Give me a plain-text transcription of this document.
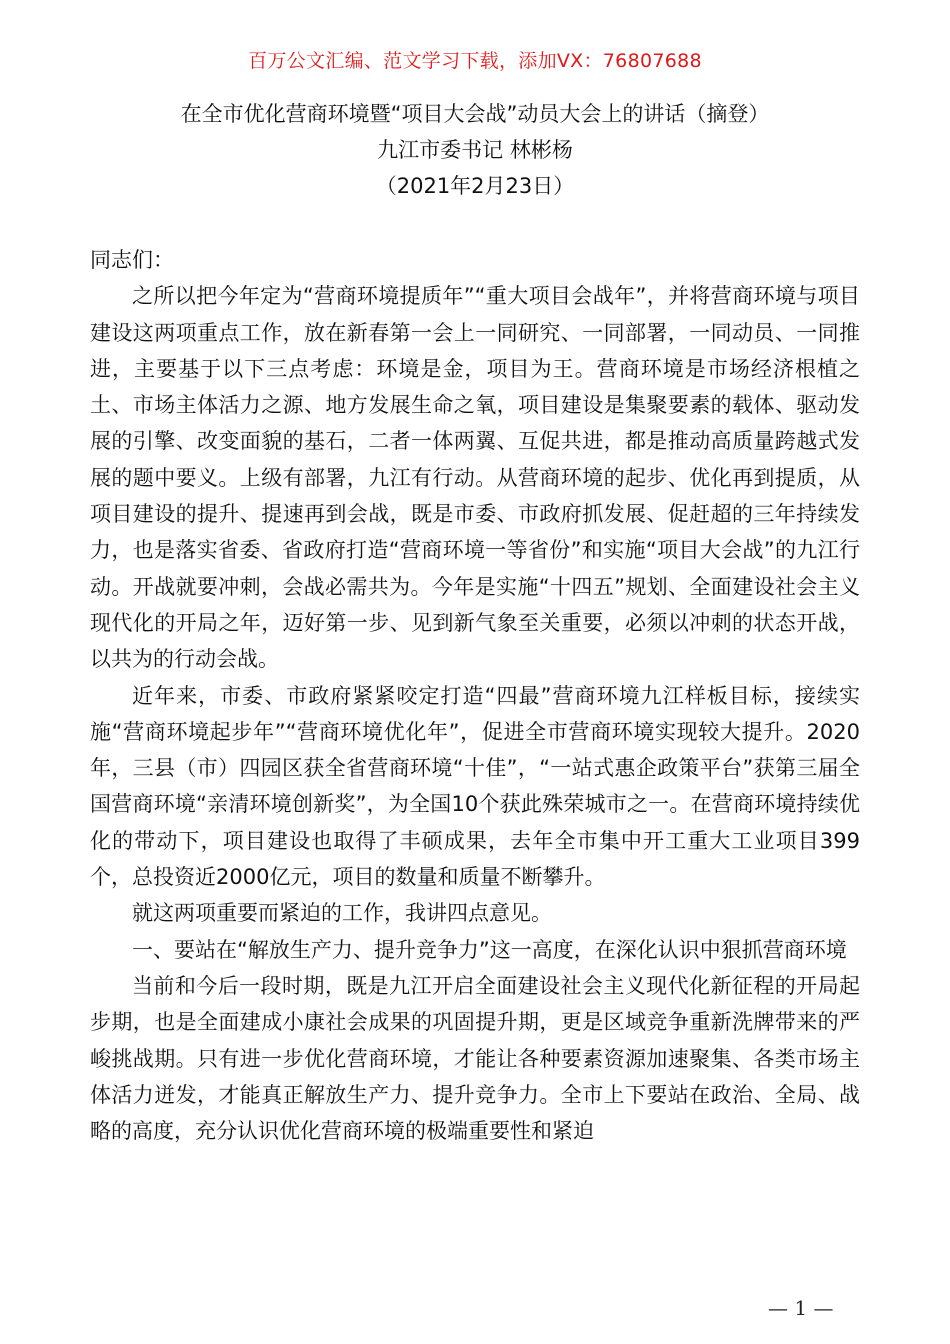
百万公文汇编、范文学习下载，添加VX：76807688
在全市优化营商环境暨“项目大会战”动员大会上的讲话（摘登）
九江市委书记 林彬杨
（2021年2月23日）

同志们：

之所以把今年定为“营商环境提质年”“重大项目会战年”，并将营商环境与项目建设这两项重点工作，放在新春第一会上一同研究、一同部署，一同动员、一同推进，主要基于以下三点考虑：环境是金，项目为王。营商环境是市场经济根植之土、市场主体活力之源、地方发展生命之氧，项目建设是集聚要素的载体、驱动发展的引擎、改变面貌的基石，二者一体两翼、互促共进，都是推动高质量跨越式发展的题中要义。上级有部署，九江有行动。从营商环境的起步、优化再到提质，从项目建设的提升、提速再到会战，既是市委、市政府抓发展、促赶超的三年持续发力，也是落实省委、省政府打造“营商环境一等省份”和实施“项目大会战”的九江行动。开战就要冲刺，会战必需共为。今年是实施“十四五”规划、全面建设社会主义现代化的开局之年，迈好第一步、见到新气象至关重要，必须以冲刺的状态开战，以共为的行动会战。

近年来，市委、市政府紧紧咬定打造“四最”营商环境九江样板目标，接续实施“营商环境起步年”“营商环境优化年”，促进全市营商环境实现较大提升。2020年，三县（市）四园区获全省营商环境“十佳”，“一站式惠企政策平台”获第三届全国营商环境“亲清环境创新奖”，为全国10个获此殊荣城市之一。在营商环境持续优化的带动下，项目建设也取得了丰硕成果，去年全市集中开工重大工业项目399个，总投资近2000亿元，项目的数量和质量不断攀升。

就这两项重要而紧迫的工作，我讲四点意见。

一、要站在“解放生产力、提升竞争力”这一高度，在深化认识中狠抓营商环境

当前和今后一段时期，既是九江开启全面建设社会主义现代化新征程的开局起步期，也是全面建成小康社会成果的巩固提升期，更是区域竞争重新洗牌带来的严峻挑战期。只有进一步优化营商环境，才能让各种要素资源加速聚集、各类市场主体活力迸发，才能真正解放生产力、提升竞争力。全市上下要站在政治、全局、战略的高度，充分认识优化营商环境的极端重要性和紧迫

— 1 —
